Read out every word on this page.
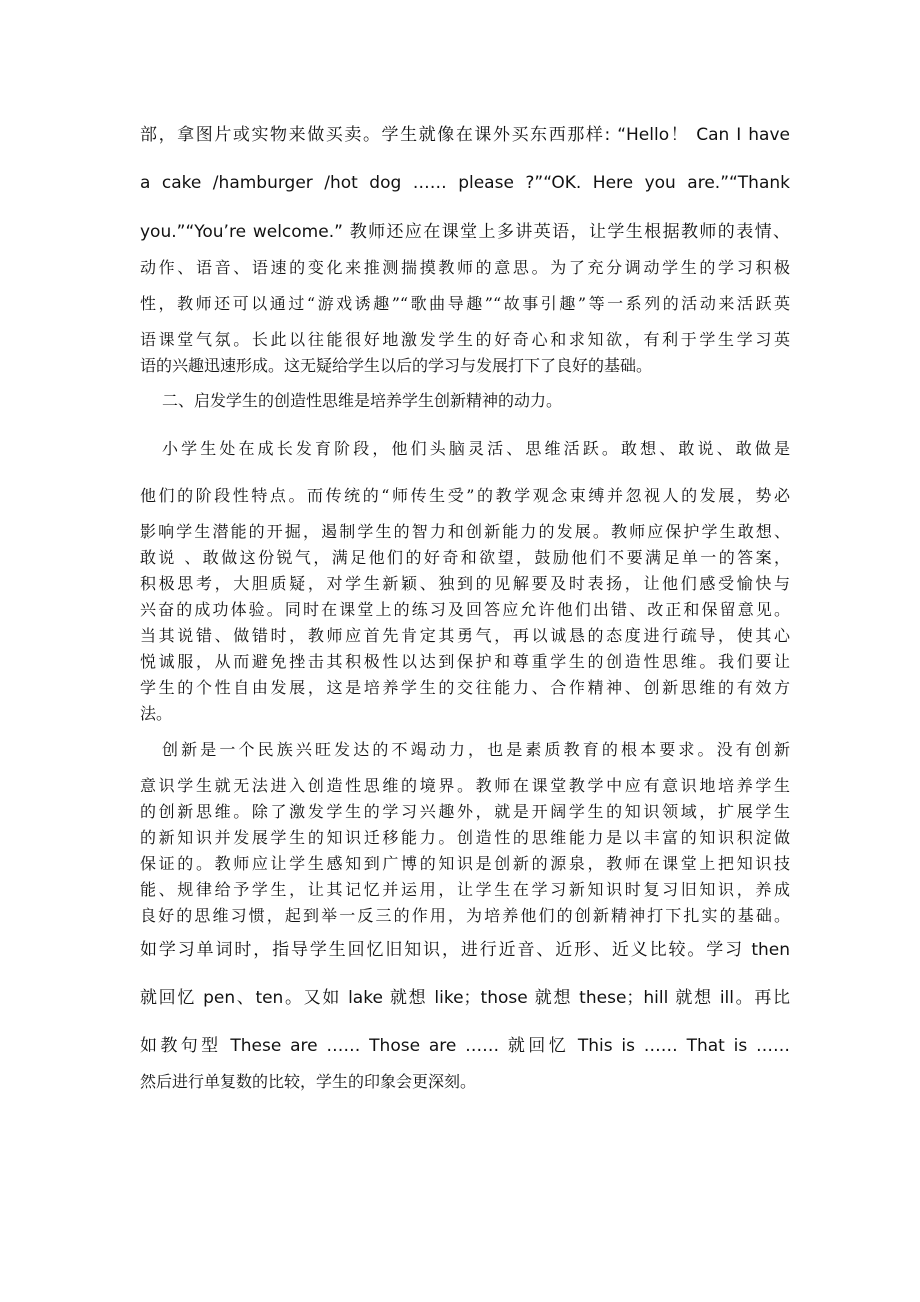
部，拿图片或实物来做买卖。学生就像在课外买东西那样: “Hello！ Can I have
a cake /hamburger /hot dog …… please ?”“OK. Here you are.”“Thank
you.”“You’re welcome.” 教师还应在课堂上多讲英语，让学生根据教师的表情、
动作、语音、语速的变化来推测揣摸教师的意思。为了充分调动学生的学习积极
性，教师还可以通过“游戏诱趣”“歌曲导趣”“故事引趣”等一系列的活动来活跃英
语课堂气氛。长此以往能很好地激发学生的好奇心和求知欲，有利于学生学习英
语的兴趣迅速形成。这无疑给学生以后的学习与发展打下了良好的基础。
二、启发学生的创造性思维是培养学生创新精神的动力。
小学生处在成长发育阶段，他们头脑灵活、思维活跃。敢想、敢说、敢做是
他们的阶段性特点。而传统的“师传生受”的教学观念束缚并忽视人的发展，势必
影响学生潜能的开掘，遏制学生的智力和创新能力的发展。教师应保护学生敢想、
敢说 、敢做这份锐气，满足他们的好奇和欲望，鼓励他们不要满足单一的答案，
积极思考，大胆质疑，对学生新颖、独到的见解要及时表扬，让他们感受愉快与
兴奋的成功体验。同时在课堂上的练习及回答应允许他们出错、改正和保留意见。
当其说错、做错时，教师应首先肯定其勇气，再以诚恳的态度进行疏导，使其心
悦诚服，从而避免挫击其积极性以达到保护和尊重学生的创造性思维。我们要让
学生的个性自由发展，这是培养学生的交往能力、合作精神、创新思维的有效方
法。
创新是一个民族兴旺发达的不竭动力，也是素质教育的根本要求。没有创新
意识学生就无法进入创造性思维的境界。教师在课堂教学中应有意识地培养学生
的创新思维。除了激发学生的学习兴趣外，就是开阔学生的知识领域，扩展学生
的新知识并发展学生的知识迁移能力。创造性的思维能力是以丰富的知识积淀做
保证的。教师应让学生感知到广博的知识是创新的源泉，教师在课堂上把知识技
能、规律给予学生，让其记忆并运用，让学生在学习新知识时复习旧知识，养成
良好的思维习惯，起到举一反三的作用，为培养他们的创新精神打下扎实的基础。
如学习单词时，指导学生回忆旧知识，进行近音、近形、近义比较。学习 then
就回忆 pen、ten。又如 lake 就想 like；those 就想 these；hill 就想 ill。再比
如教句型 These are …… Those are …… 就回忆 This is …… That is ……
然后进行单复数的比较，学生的印象会更深刻。
